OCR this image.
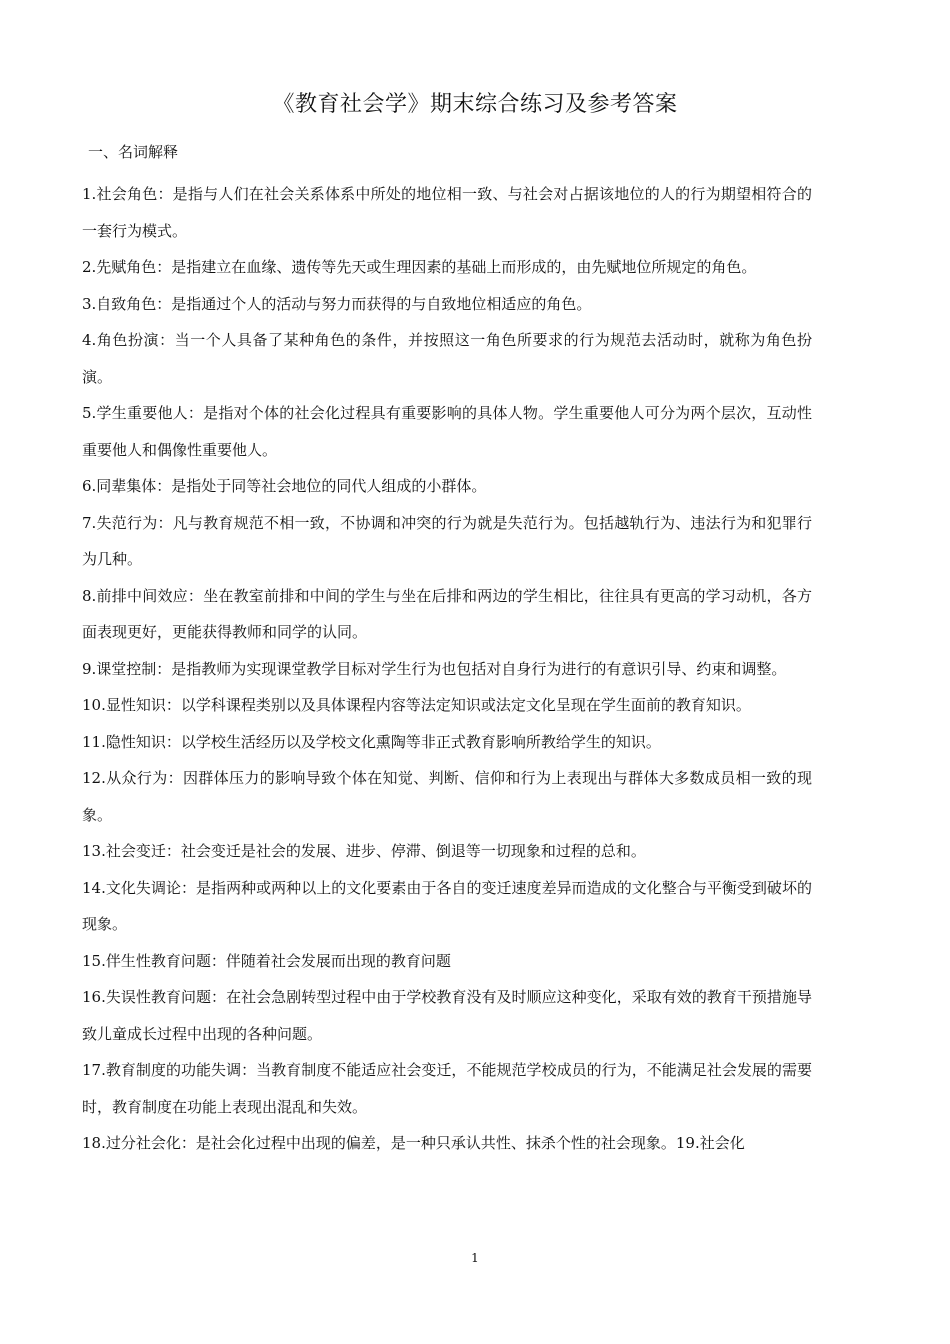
《教育社会学》期末综合练习及参考答案
一、名词解释

1.社会角色：是指与人们在社会关系体系中所处的地位相一致、与社会对占据该地位的人的行为期望相符合的一套行为模式。

2.先赋角色：是指建立在血缘、遗传等先天或生理因素的基础上而形成的，由先赋地位所规定的角色。

3.自致角色：是指通过个人的活动与努力而获得的与自致地位相适应的角色。

4.角色扮演：当一个人具备了某种角色的条件，并按照这一角色所要求的行为规范去活动时，就称为角色扮演。

5.学生重要他人：是指对个体的社会化过程具有重要影响的具体人物。学生重要他人可分为两个层次，互动性重要他人和偶像性重要他人。

6.同辈集体：是指处于同等社会地位的同代人组成的小群体。

7.失范行为：凡与教育规范不相一致，不协调和冲突的行为就是失范行为。包括越轨行为、违法行为和犯罪行为几种。

8.前排中间效应：坐在教室前排和中间的学生与坐在后排和两边的学生相比，往往具有更高的学习动机，各方面表现更好，更能获得教师和同学的认同。

9.课堂控制：是指教师为实现课堂教学目标对学生行为也包括对自身行为进行的有意识引导、约束和调整。

10.显性知识：以学科课程类别以及具体课程内容等法定知识或法定文化呈现在学生面前的教育知识。

11.隐性知识：以学校生活经历以及学校文化熏陶等非正式教育影响所教给学生的知识。

12.从众行为：因群体压力的影响导致个体在知觉、判断、信仰和行为上表现出与群体大多数成员相一致的现象。

13.社会变迁：社会变迁是社会的发展、进步、停滞、倒退等一切现象和过程的总和。

14.文化失调论：是指两种或两种以上的文化要素由于各自的变迁速度差异而造成的文化整合与平衡受到破坏的现象。

15.伴生性教育问题：伴随着社会发展而出现的教育问题

16.失误性教育问题：在社会急剧转型过程中由于学校教育没有及时顺应这种变化，采取有效的教育干预措施导致儿童成长过程中出现的各种问题。

17.教育制度的功能失调：当教育制度不能适应社会变迁，不能规范学校成员的行为，不能满足社会发展的需要时，教育制度在功能上表现出混乱和失效。

18.过分社会化：是社会化过程中出现的偏差，是一种只承认共性、抹杀个性的社会现象。19.社会化

1
